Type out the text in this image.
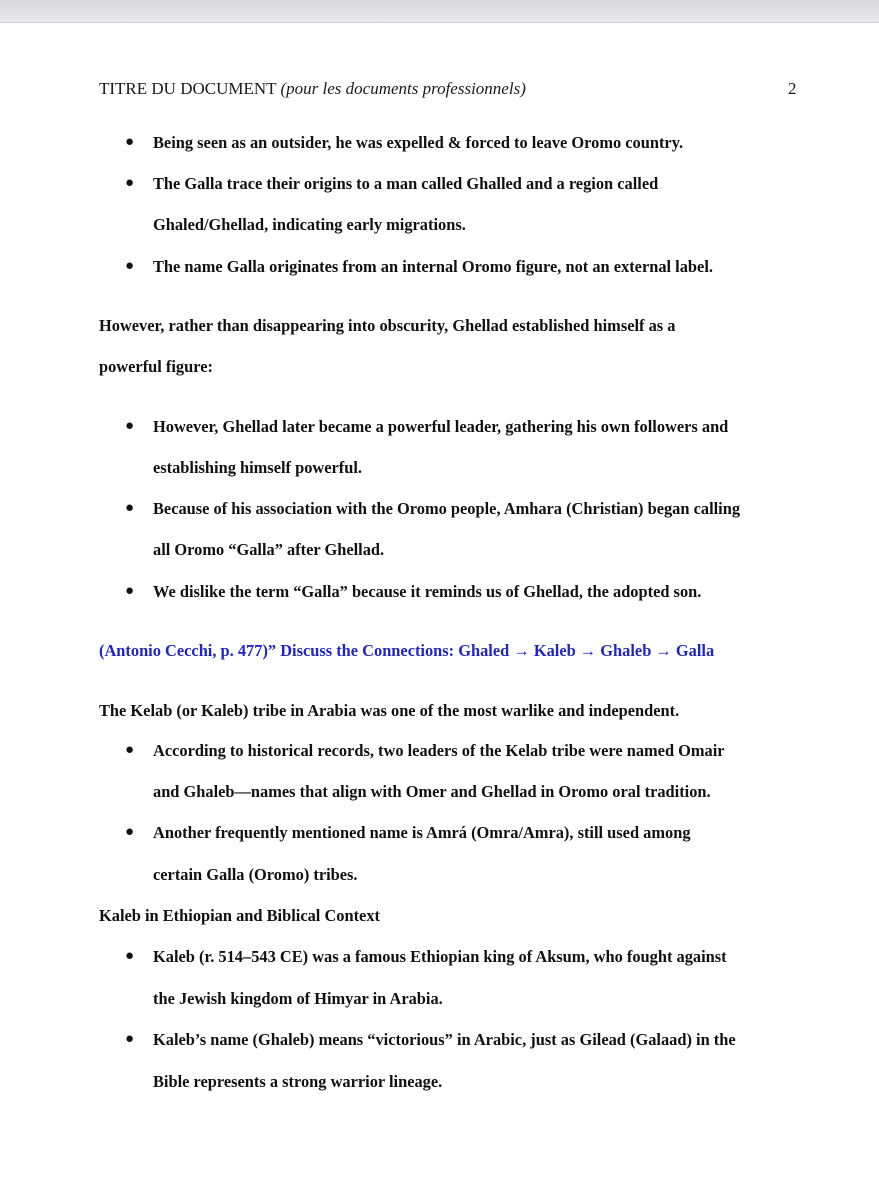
TITRE DU DOCUMENT (pour les documents professionnels)	2
● Being seen as an outsider, he was expelled & forced to leave Oromo country.
● The Galla trace their origins to a man called Ghalled and a region called
Ghaled/Ghellad, indicating early migrations.
● The name Galla originates from an internal Oromo figure, not an external label.
However, rather than disappearing into obscurity, Ghellad established himself as a
powerful figure:
● However, Ghellad later became a powerful leader, gathering his own followers and
establishing himself powerful.
● Because of his association with the Oromo people, Amhara (Christian) began calling
all Oromo “Galla” after Ghellad.
● We dislike the term “Galla” because it reminds us of Ghellad, the adopted son.
(Antonio Cecchi, p. 477)” Discuss the Connections: Ghaled → Kaleb → Ghaleb → Galla
The Kelab (or Kaleb) tribe in Arabia was one of the most warlike and independent.
● According to historical records, two leaders of the Kelab tribe were named Omair
and Ghaleb—names that align with Omer and Ghellad in Oromo oral tradition.
● Another frequently mentioned name is Amrá (Omra/Amra), still used among
certain Galla (Oromo) tribes.
Kaleb in Ethiopian and Biblical Context
● Kaleb (r. 514–543 CE) was a famous Ethiopian king of Aksum, who fought against
the Jewish kingdom of Himyar in Arabia.
● Kaleb’s name (Ghaleb) means “victorious” in Arabic, just as Gilead (Galaad) in the
Bible represents a strong warrior lineage.
